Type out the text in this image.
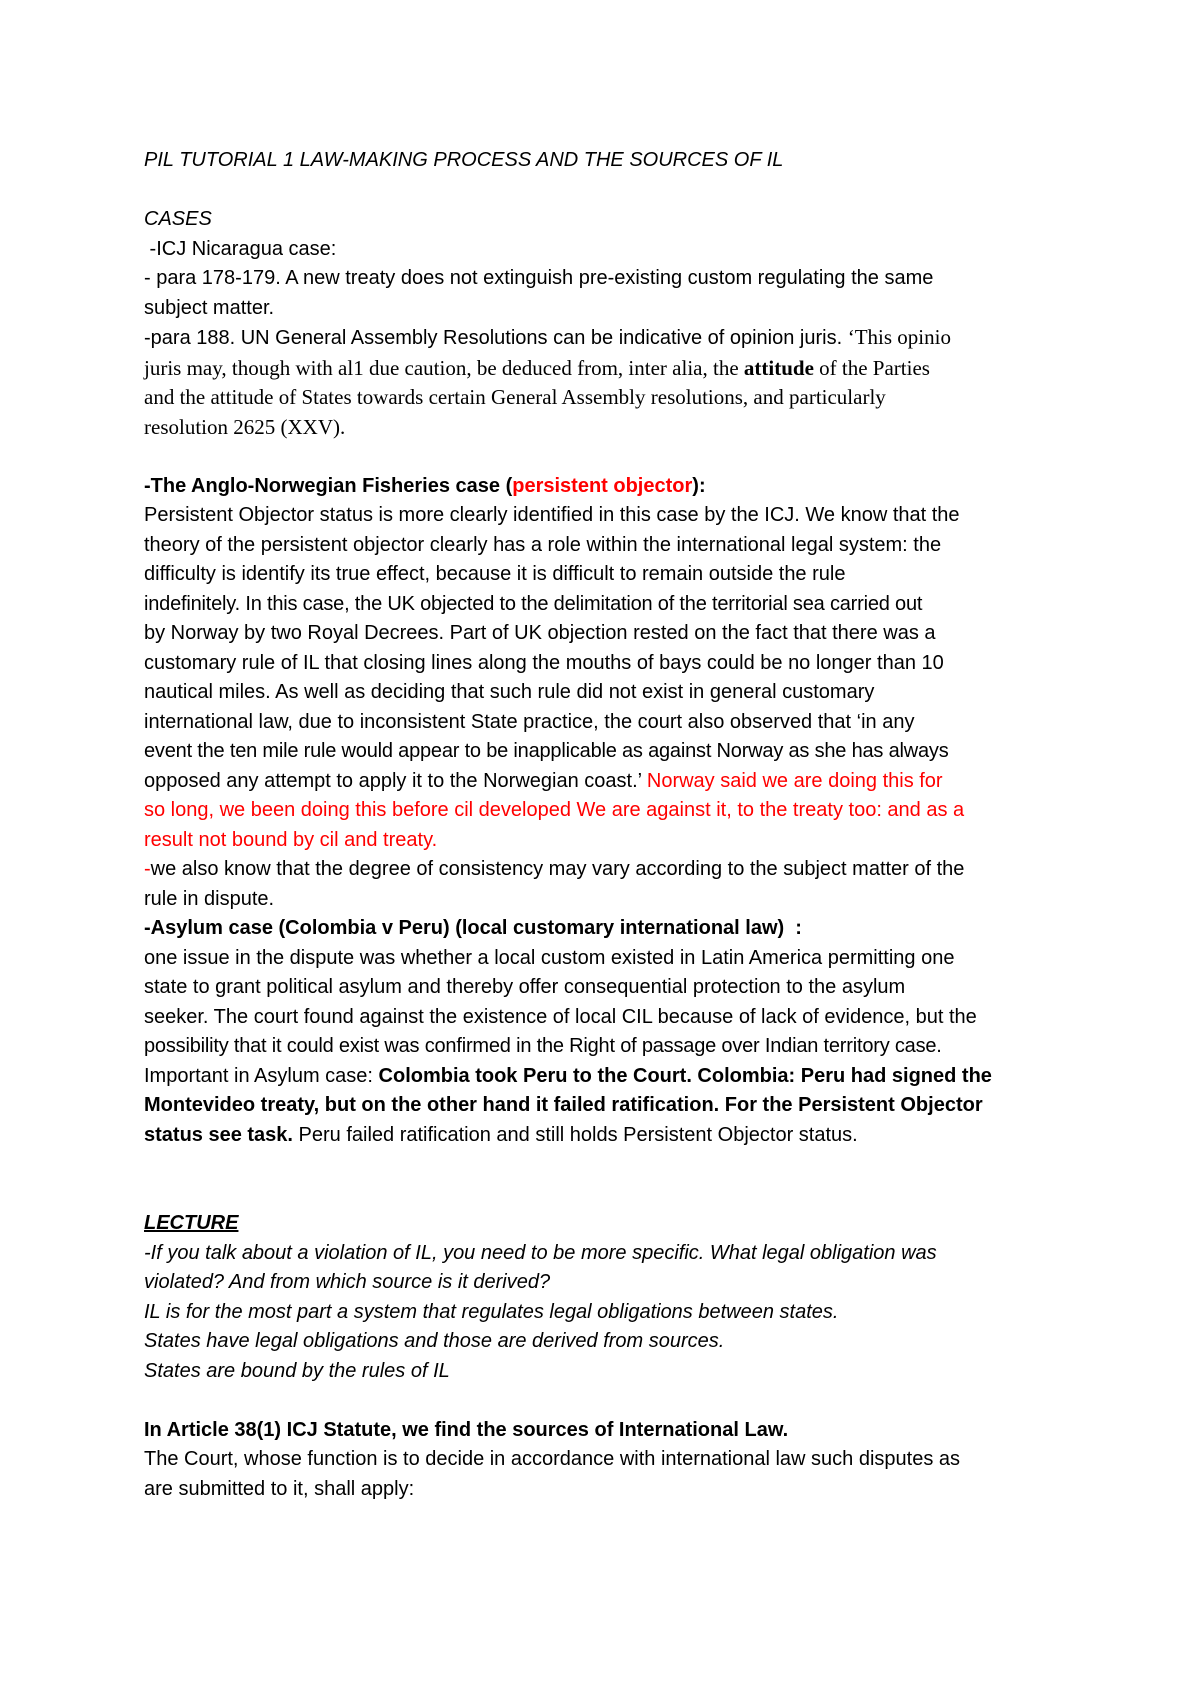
PIL TUTORIAL 1 LAW-MAKING PROCESS AND THE SOURCES OF IL
CASES
-ICJ Nicaragua case:
- para 178-179. A new treaty does not extinguish pre-existing custom regulating the same
subject matter.
-para 188. UN General Assembly Resolutions can be indicative of opinion juris. ‘This opinio
juris may, though with al1 due caution, be deduced from, inter alia, the attitude of the Parties
and the attitude of States towards certain General Assembly resolutions, and particularly
resolution 2625 (XXV).
-The Anglo-Norwegian Fisheries case (persistent objector):
Persistent Objector status is more clearly identified in this case by the ICJ. We know that the
theory of the persistent objector clearly has a role within the international legal system: the
difficulty is identify its true effect, because it is difficult to remain outside the rule
indefinitely. In this case, the UK objected to the delimitation of the territorial sea carried out
by Norway by two Royal Decrees. Part of UK objection rested on the fact that there was a
customary rule of IL that closing lines along the mouths of bays could be no longer than 10
nautical miles. As well as deciding that such rule did not exist in general customary
international law, due to inconsistent State practice, the court also observed that ‘in any
event the ten mile rule would appear to be inapplicable as against Norway as she has always
opposed any attempt to apply it to the Norwegian coast.’ Norway said we are doing this for
so long, we been doing this before cil developed We are against it, to the treaty too: and as a
result not bound by cil and treaty.
-we also know that the degree of consistency may vary according to the subject matter of the
rule in dispute.
-Asylum case (Colombia v Peru) (local customary international law)  :
one issue in the dispute was whether a local custom existed in Latin America permitting one
state to grant political asylum and thereby offer consequential protection to the asylum
seeker. The court found against the existence of local CIL because of lack of evidence, but the
possibility that it could exist was confirmed in the Right of passage over Indian territory case.
Important in Asylum case: Colombia took Peru to the Court. Colombia: Peru had signed the
Montevideo treaty, but on the other hand it failed ratification. For the Persistent Objector
status see task. Peru failed ratification and still holds Persistent Objector status.
LECTURE
-If you talk about a violation of IL, you need to be more specific. What legal obligation was
violated? And from which source is it derived?
IL is for the most part a system that regulates legal obligations between states.
States have legal obligations and those are derived from sources.
States are bound by the rules of IL
In Article 38(1) ICJ Statute, we find the sources of International Law.
The Court, whose function is to decide in accordance with international law such disputes as
are submitted to it, shall apply:
